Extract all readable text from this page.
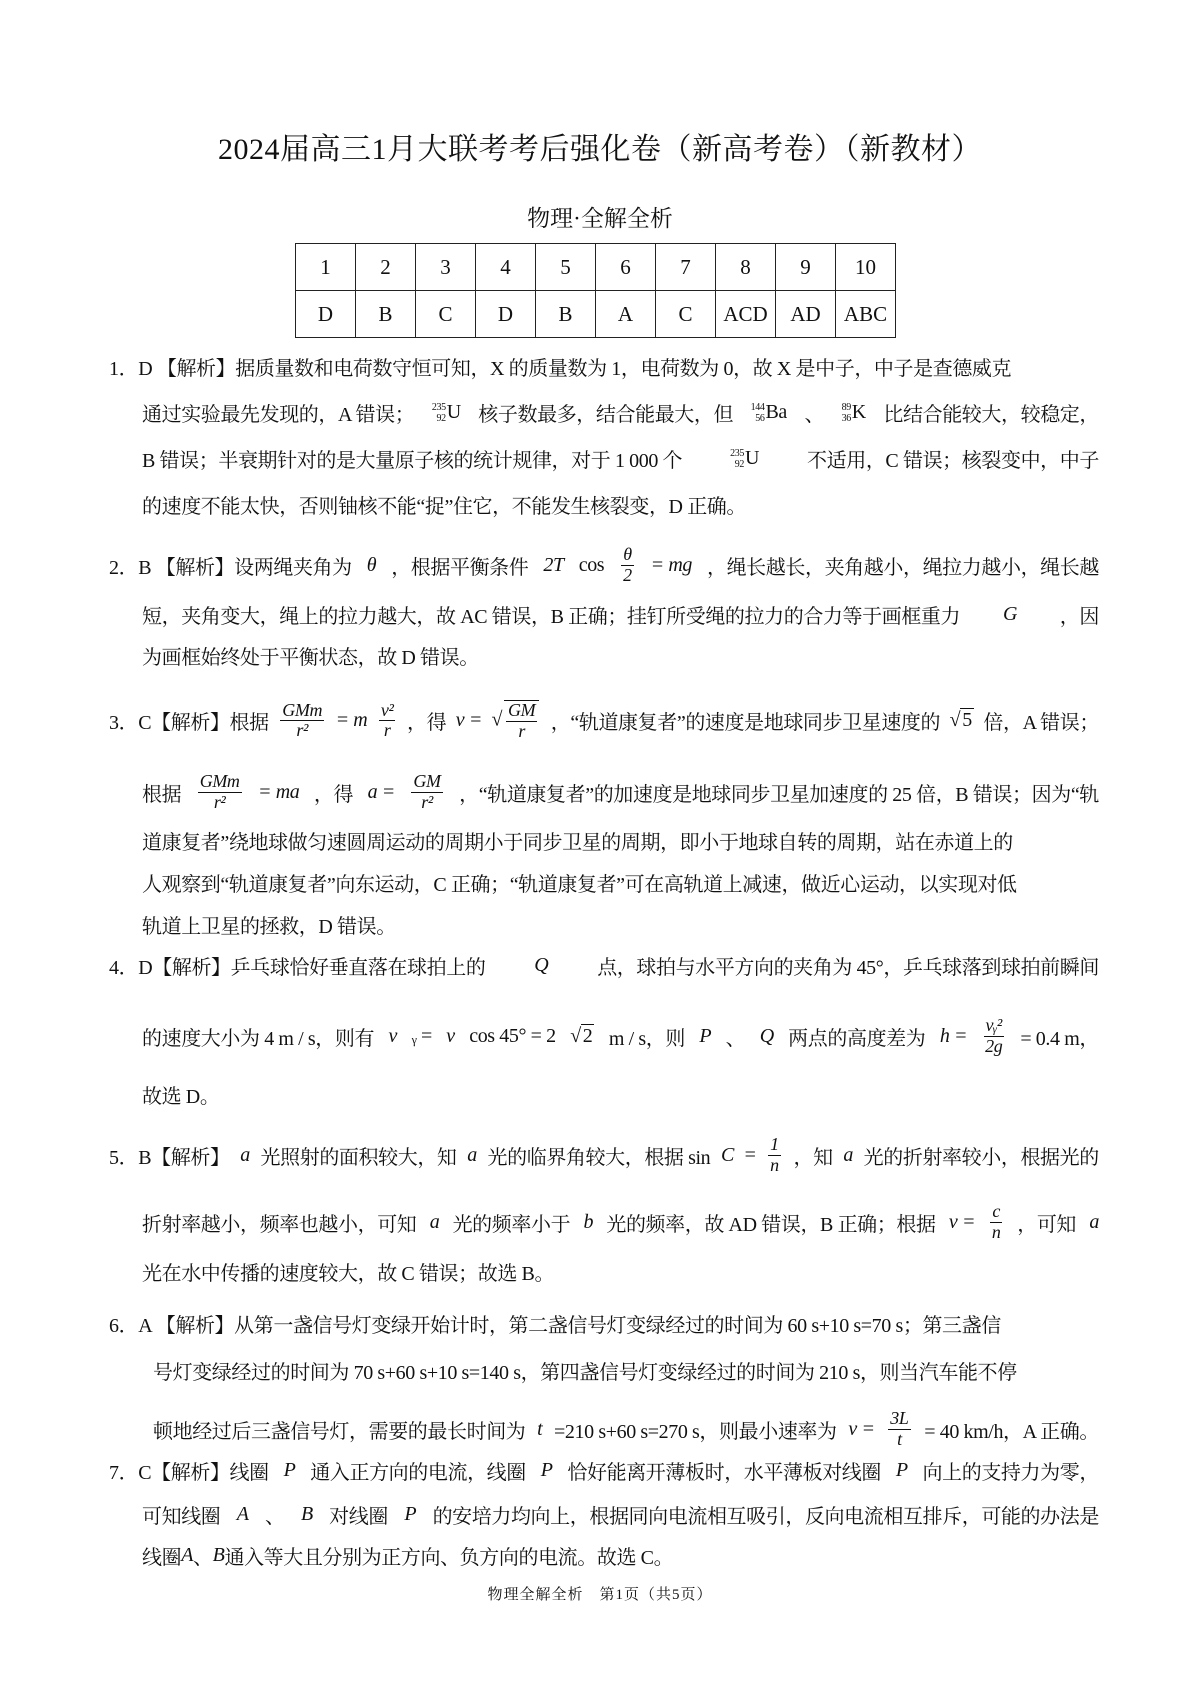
2024届高三1月大联考考后强化卷（新高考卷）（新教材）
物理·全解全析
1	2	3	4	5	6	7	8	9	10
D	B	C	D	B	A	C	ACD	AD	ABC
1．D 【解析】据质量数和电荷数守恒可知，X 的质量数为 1，电荷数为 0，故 X 是中子，中子是查德威克
通过实验最先发现的，A 错误； 235
92 U 核子数最多，结合能最大，但 144
56 Ba 、 89
36 K 比结合能较大，较稳定，
B 错误；半衰期针对的是大量原子核的统计规律，对于 1 000 个	235
92 U 不适用，C 错误；核裂变中，中子
的速度不能太快，否则铀核不能“捉”住它，不能发生核裂变，D 正确。
2．B 【解析】设两绳夹角为 θ ，根据平衡条件 2T $\cos \frac{\theta}{2}$ = mg ，绳长越长，夹角越小，绳拉力越小，绳长越
短，夹角变大，绳上的拉力越大，故 AC 错误，B 正确；挂钉所受绳的拉力的合力等于画框重力 G ，因
为画框始终处于平衡状态，故 D 错误。
3．C【解析】根据 $\frac{\text{GMm}}{\text{r²}} = m \frac{\text{v²}}{r}$ ，得 v = √ $\frac{GM}{r}$ ，“轨道康复者”的速度是地球同步卫星速度的 √ 5 倍，A 错误；
根据 $\frac{\text{GMm}}{\text{r²}}$ = ma ，得 $a = \frac{GM}{\text{r²}}$ ，“轨道康复者”的加速度是地球同步卫星加速度的 25 倍，B 错误；因为“轨
道康复者”绕地球做匀速圆周运动的周期小于同步卫星的周期，即小于地球自转的周期，站在赤道上的
人观察到“轨道康复者”向东运动，C 正确；“轨道康复者”可在高轨道上减速，做近心运动，以实现对低
轨道上卫星的拯救，D 错误。
4．D【解析】乒乓球恰好垂直落在球拍上的 Q 点，球拍与水平方向的夹角为 45°，乒乓球落到球拍前瞬间
的速度大小为 4 m / s，则有 v ᵧ = v cos 45° = 2 √ 2 m / s，则 P 、 Q 两点的高度差为 $h = \frac{\text{vᵧ²}}{2g} = 0.4$ m，
故选 D。
5．B【解析】 a 光照射的面积较大，知 a 光的临界角较大，根据 $\sin C = \frac{1}{n}$ ，知 a 光的折射率较小，根据光的
折射率越小，频率也越小，可知 a 光的频率小于 b 光的频率，故 AD 错误，B 正确；根据 $v = \frac{c}{n}$ ，可知 a
光在水中传播的速度较大，故 C 错误；故选 B。
6．A 【解析】从第一盏信号灯变绿开始计时，第二盏信号灯变绿经过的时间为 60 s+10 s=70 s；第三盏信
号灯变绿经过的时间为 70 s+60 s+10 s=140 s，第四盏信号灯变绿经过的时间为 210 s，则当汽车能不停
顿地经过后三盏信号灯，需要的最长时间为 t =210 s+60 s=270 s，则最小速率为 $v = \frac{3L}{t} = 40$ km/h，A 正确。
7．C【解析】线圈 P 通入正方向的电流，线圈 P 恰好能离开薄板时，水平薄板对线圈 P 向上的支持力为零，
可知线圈 A 、 B 对线圈 P 的安培力均向上，根据同向电流相互吸引，反向电流相互排斥，可能的办法是
线圈 A 、 B 通入等大且分别为正方向、负方向的电流。故选 C。
物理全解全析　第1页（共5页）
